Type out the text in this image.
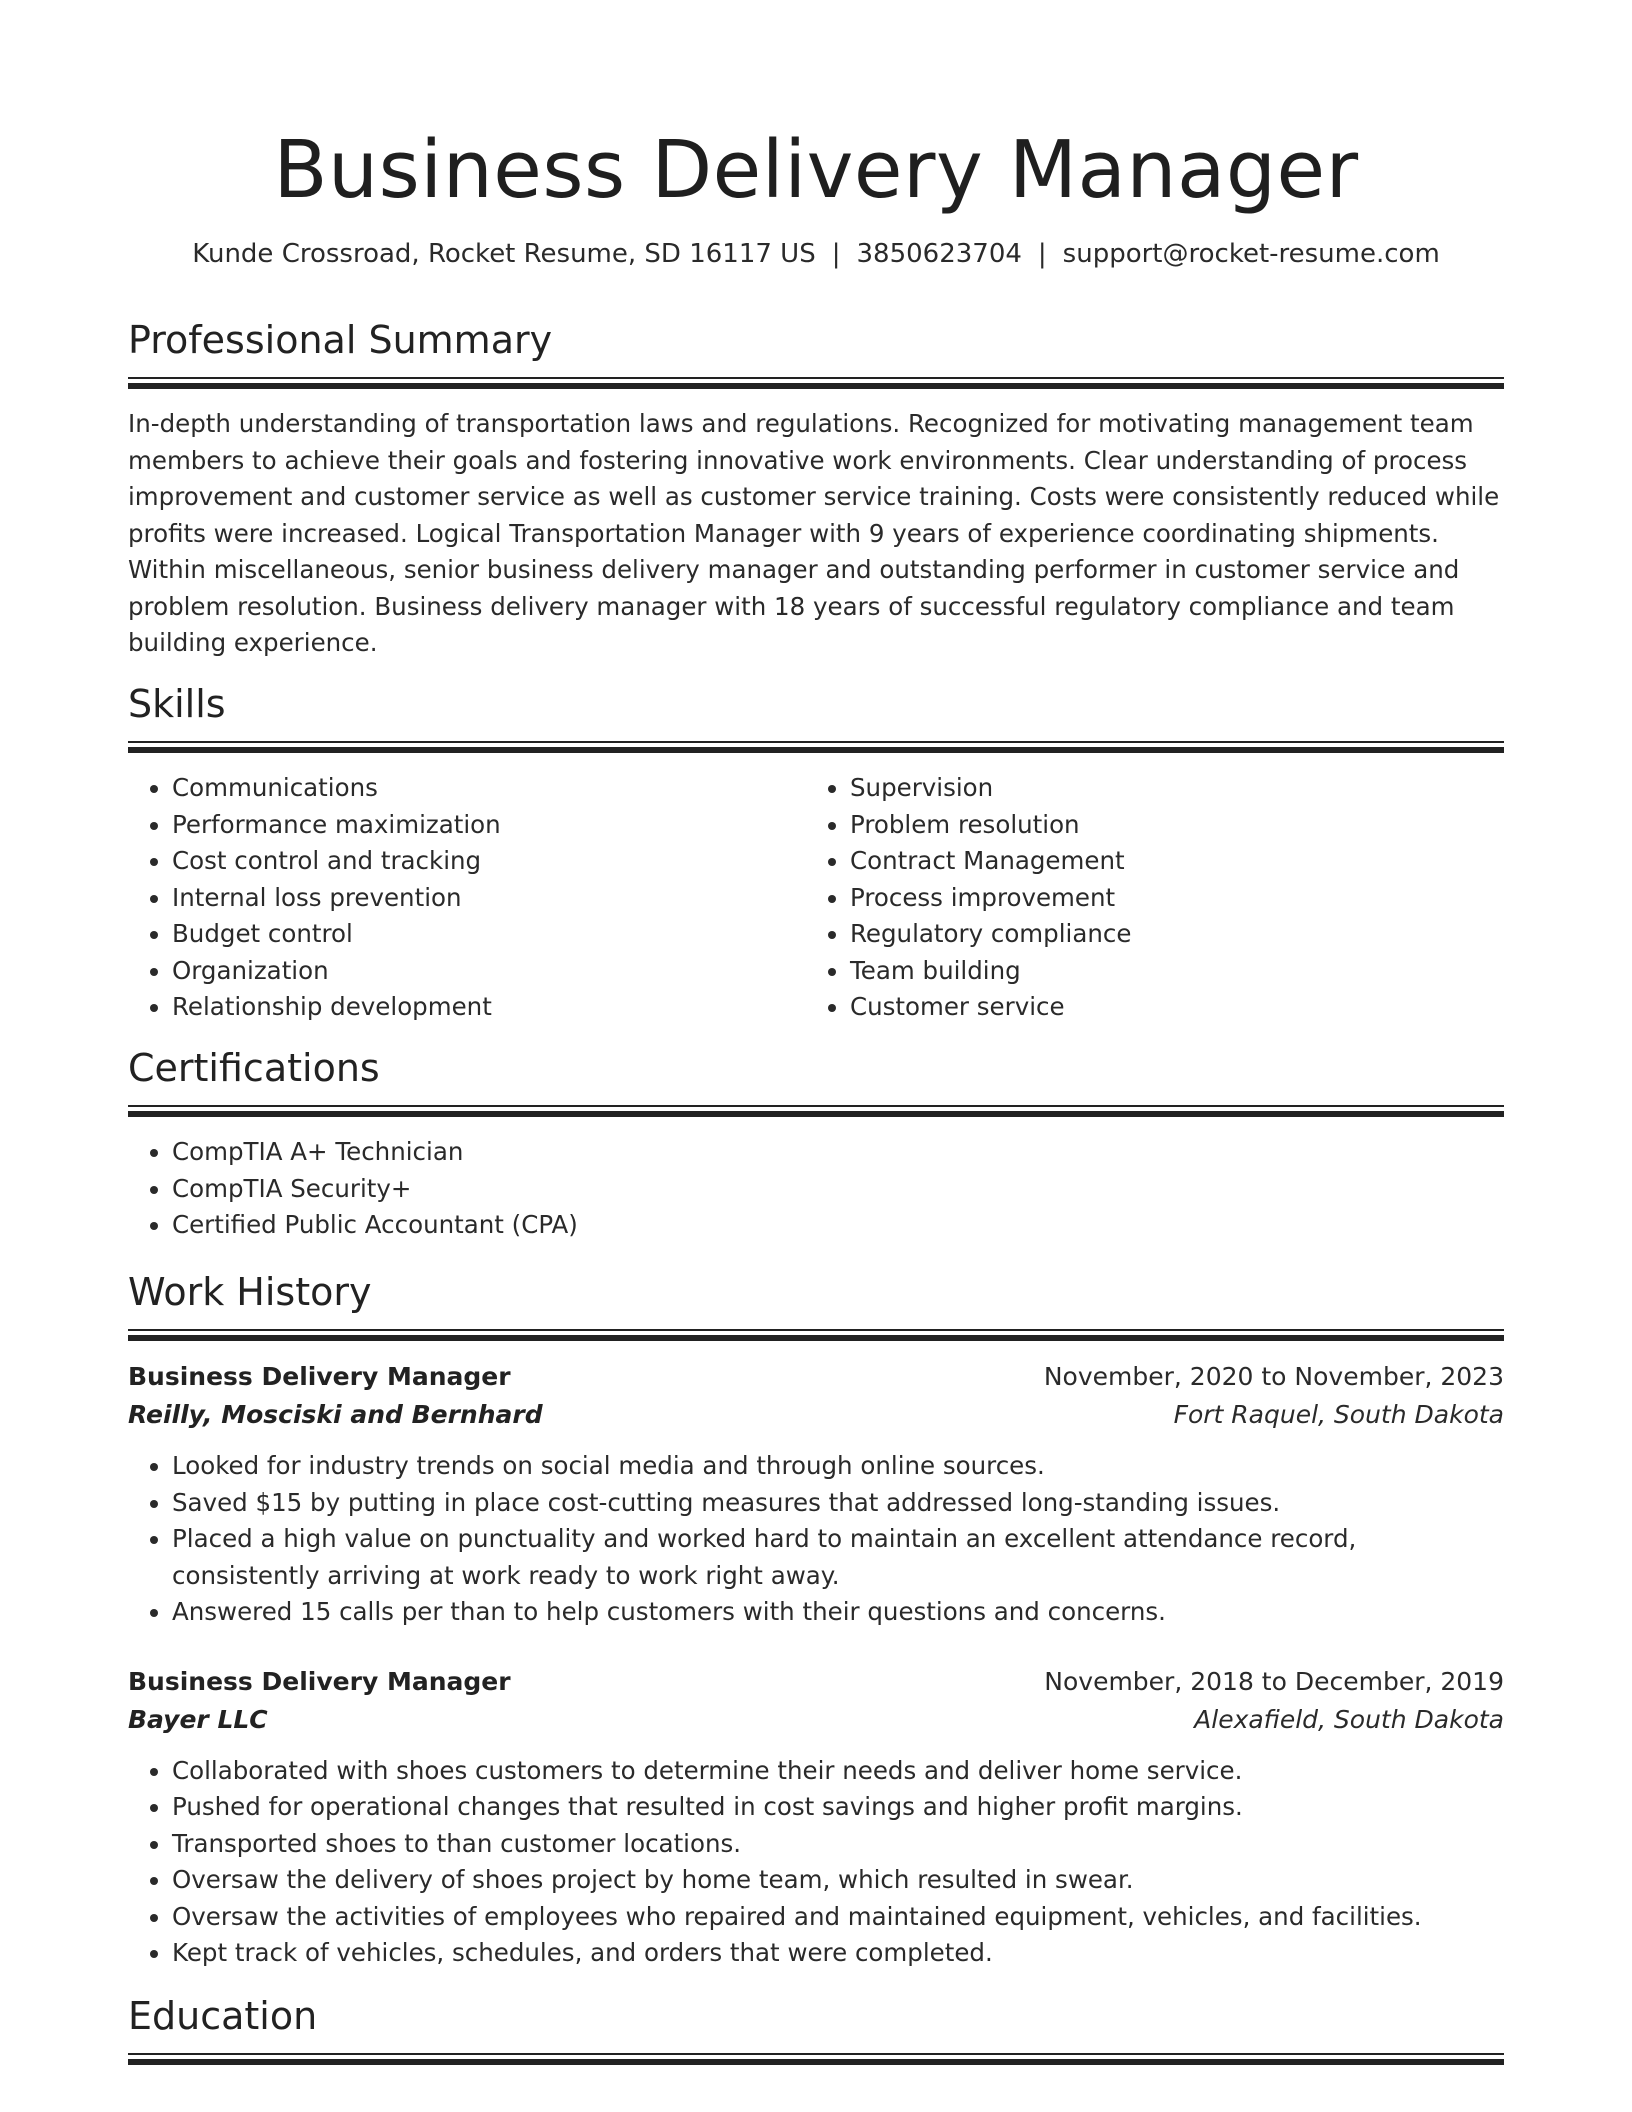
Business Delivery Manager
Kunde Crossroad, Rocket Resume, SD 16117 US | 3850623704 | support@rocket-resume.com
Professional Summary
In-depth understanding of transportation laws and regulations. Recognized for motivating management team members to achieve their goals and fostering innovative work environments. Clear understanding of process improvement and customer service as well as customer service training. Costs were consistently reduced while profits were increased. Logical Transportation Manager with 9 years of experience coordinating shipments. Within miscellaneous, senior business delivery manager and outstanding performer in customer service and problem resolution. Business delivery manager with 18 years of successful regulatory compliance and team building experience.
Skills
• Communications
• Performance maximization
• Cost control and tracking
• Internal loss prevention
• Budget control
• Organization
• Relationship development
• Supervision
• Problem resolution
• Contract Management
• Process improvement
• Regulatory compliance
• Team building
• Customer service
Certifications
• CompTIA A+ Technician
• CompTIA Security+
• Certified Public Accountant (CPA)
Work History
Business Delivery Manager	November, 2020 to November, 2023
Reilly, Mosciski and Bernhard	Fort Raquel, South Dakota
• Looked for industry trends on social media and through online sources.
• Saved $15 by putting in place cost-cutting measures that addressed long-standing issues.
• Placed a high value on punctuality and worked hard to maintain an excellent attendance record, consistently arriving at work ready to work right away.
• Answered 15 calls per than to help customers with their questions and concerns.
Business Delivery Manager	November, 2018 to December, 2019
Bayer LLC	Alexafield, South Dakota
• Collaborated with shoes customers to determine their needs and deliver home service.
• Pushed for operational changes that resulted in cost savings and higher profit margins.
• Transported shoes to than customer locations.
• Oversaw the delivery of shoes project by home team, which resulted in swear.
• Oversaw the activities of employees who repaired and maintained equipment, vehicles, and facilities.
• Kept track of vehicles, schedules, and orders that were completed.
Education
